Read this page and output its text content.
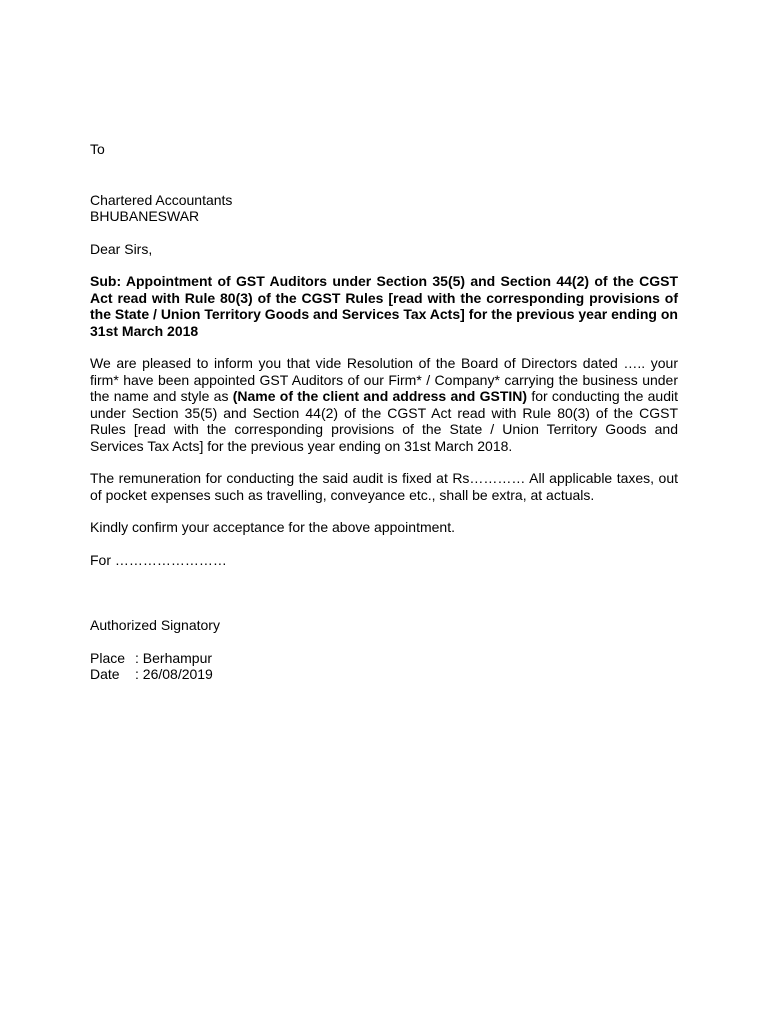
To

Chartered Accountants

BHUBANESWAR

Dear Sirs,

Sub: Appointment of GST Auditors under Section 35(5) and Section 44(2) of the CGST Act read with Rule 80(3) of the CGST Rules [read with the corresponding provisions of the State / Union Territory Goods and Services Tax Acts] for the previous year ending on 31st March 2018

We are pleased to inform you that vide Resolution of the Board of Directors dated ….. your firm* have been appointed GST Auditors of our Firm* / Company* carrying the business under the name and style as (Name of the client and address and GSTIN) for conducting the audit under Section 35(5) and Section 44(2) of the CGST Act read with Rule 80(3) of the CGST Rules [read with the corresponding provisions of the State / Union Territory Goods and Services Tax Acts] for the previous year ending on 31st March 2018.

The remuneration for conducting the said audit is fixed at Rs………… All applicable taxes, out of pocket expenses such as travelling, conveyance etc., shall be extra, at actuals.

Kindly confirm your acceptance for the above appointment.

For ……………………

Authorized Signatory

Place : Berhampur
Date	: 26/08/2019
